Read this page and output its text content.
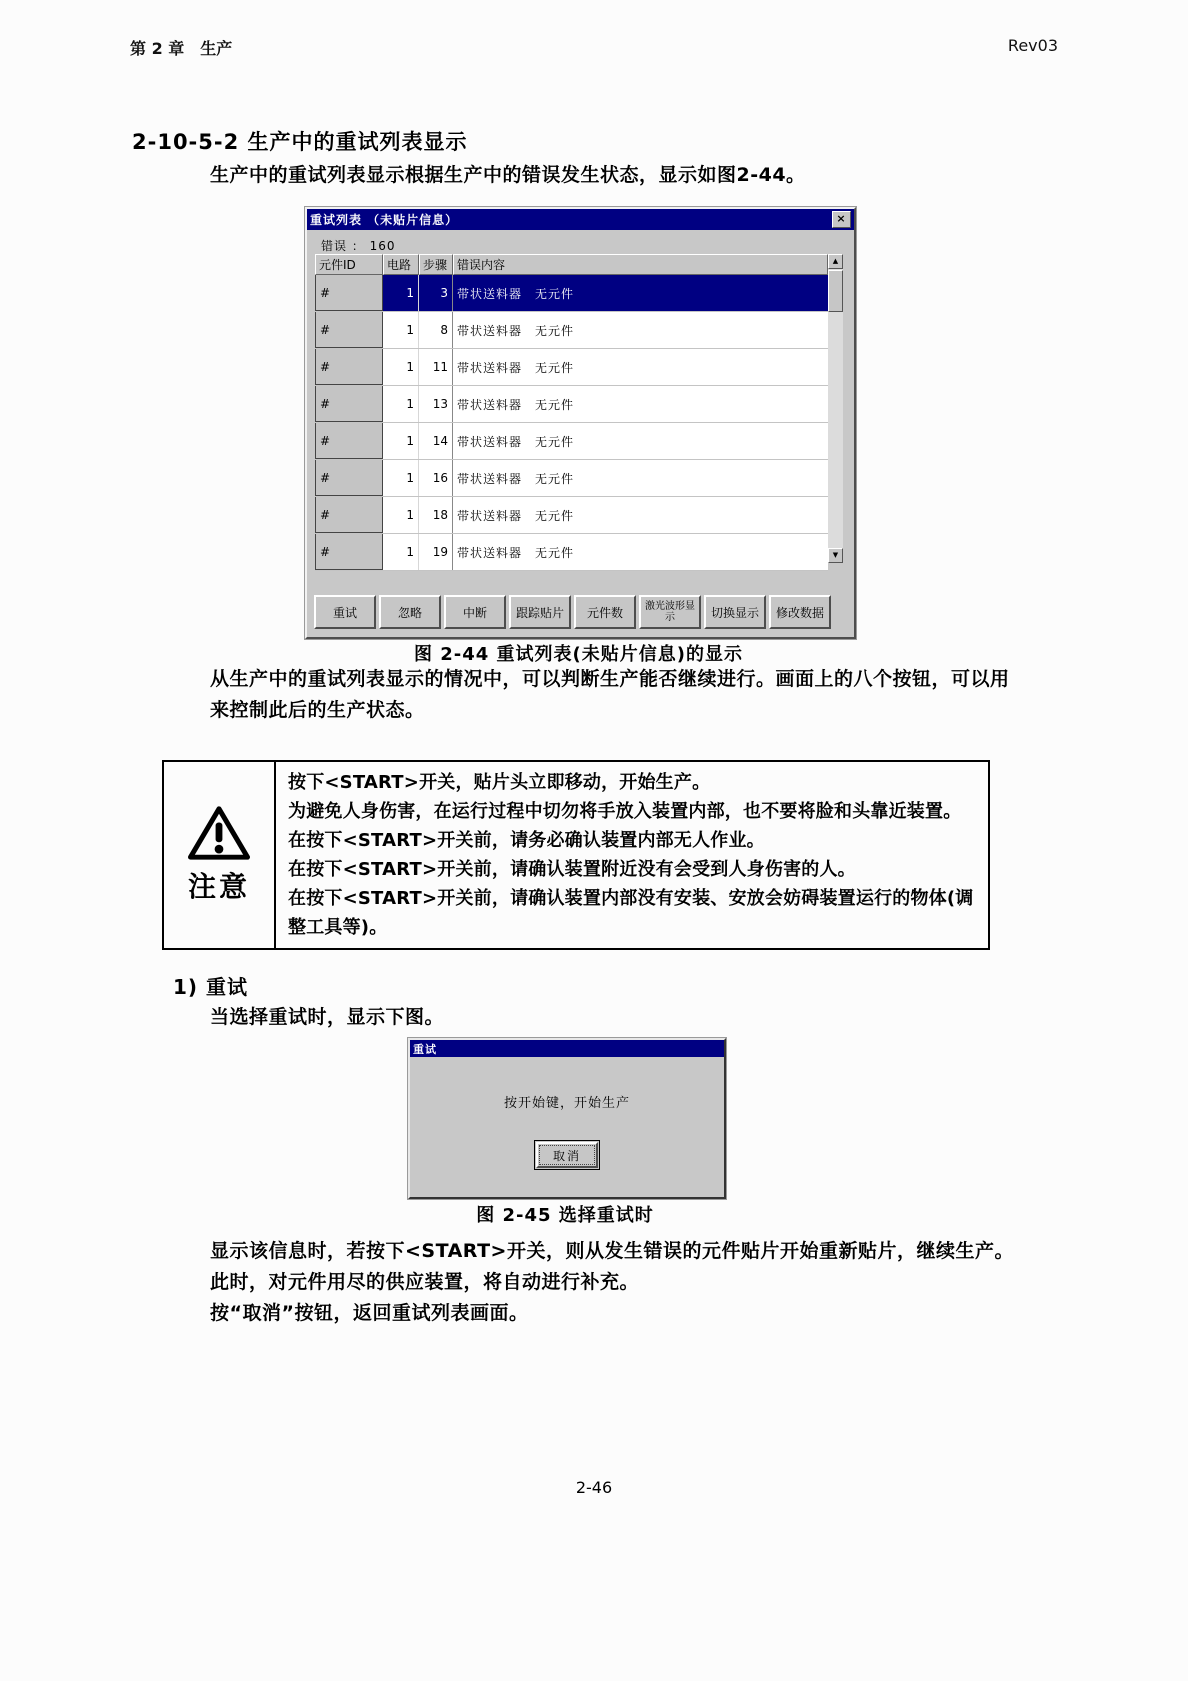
第 2 章　生产	Rev03
2-10-5-2 生产中的重试列表显示
生产中的重试列表显示根据生产中的错误发生状态，显示如图2-44。
重试列表 （未贴片信息）	×
错误 ： 160
元件ID	电路 步骤 错误内容
#	1	3 带状送料器　无元件
#	1	8 带状送料器　无元件
#	1	11 带状送料器　无元件
#	1	13 带状送料器　无元件
#	1	14 带状送料器　无元件
#	1	16 带状送料器　无元件
#	1	18 带状送料器　无元件
#	1	19 带状送料器　无元件
▲
▼
重试	忽略	中断	跟踪贴片	元件数	激光波形显示	切换显示	修改数据
图 2-44 重试列表(未贴片信息)的显示
从生产中的重试列表显示的情况中，可以判断生产能否继续进行。画面上的八个按钮，可以用来控制此后的生产状态。
注意
按下<START>开关，贴片头立即移动，开始生产。
为避免人身伤害，在运行过程中切勿将手放入装置内部，也不要将脸和头靠近装置。
在按下<START>开关前，请务必确认装置内部无人作业。
在按下<START>开关前，请确认装置附近没有会受到人身伤害的人。
在按下<START>开关前，请确认装置内部没有安装、安放会妨碍装置运行的物体(调整工具等)。
1) 重试
当选择重试时，显示下图。
重试
按开始键，开始生产
取消
图 2-45 选择重试时
显示该信息时，若按下<START>开关，则从发生错误的元件贴片开始重新贴片，继续生产。此时，对元件用尽的供应装置，将自动进行补充。
按“取消”按钮，返回重试列表画面。
2-46
